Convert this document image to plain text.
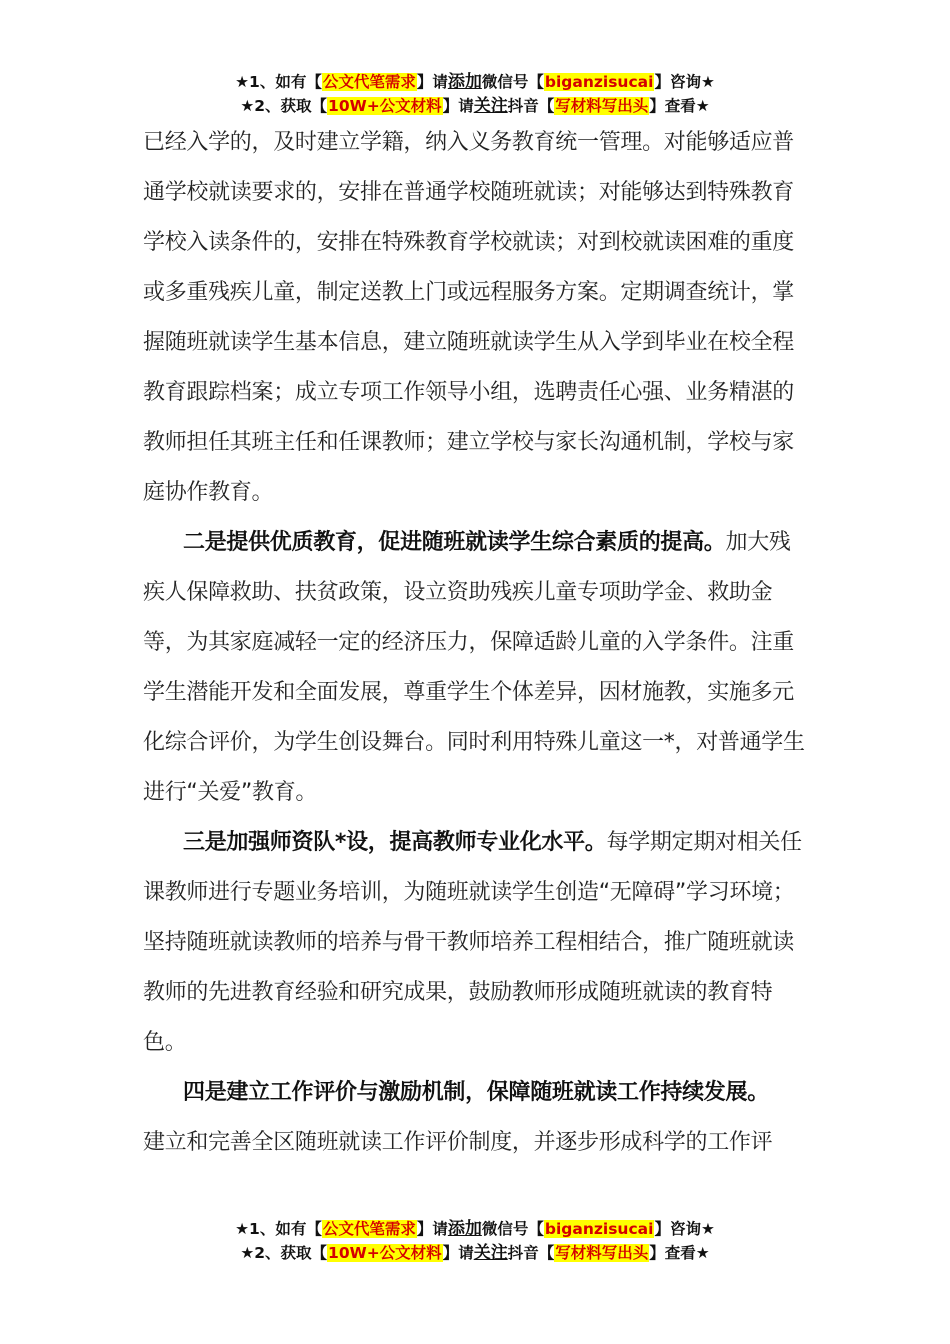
★1、如有【公文代笔需求】请添加微信号【biganzisucai】咨询★
★2、获取【10W+公文材料】请关注抖音【写材料写出头】查看★

已经入学的，及时建立学籍，纳入义务教育统一管理。对能够适应普通学校就读要求的，安排在普通学校随班就读；对能够达到特殊教育学校入读条件的，安排在特殊教育学校就读；对到校就读困难的重度或多重残疾儿童，制定送教上门或远程服务方案。定期调查统计，掌握随班就读学生基本信息，建立随班就读学生从入学到毕业在校全程教育跟踪档案；成立专项工作领导小组，选聘责任心强、业务精湛的教师担任其班主任和任课教师；建立学校与家长沟通机制，学校与家庭协作教育。

二是提供优质教育，促进随班就读学生综合素质的提高。加大残疾人保障救助、扶贫政策，设立资助残疾儿童专项助学金、救助金等，为其家庭减轻一定的经济压力，保障适龄儿童的入学条件。注重学生潜能开发和全面发展，尊重学生个体差异，因材施教，实施多元化综合评价，为学生创设舞台。同时利用特殊儿童这一*，对普通学生进行“关爱”教育。

三是加强师资队*设，提高教师专业化水平。每学期定期对相关任课教师进行专题业务培训，为随班就读学生创造“无障碍”学习环境；坚持随班就读教师的培养与骨干教师培养工程相结合，推广随班就读教师的先进教育经验和研究成果，鼓励教师形成随班就读的教育特色。

四是建立工作评价与激励机制，保障随班就读工作持续发展。

建立和完善全区随班就读工作评价制度，并逐步形成科学的工作评

★1、如有【公文代笔需求】请添加微信号【biganzisucai】咨询★
★2、获取【10W+公文材料】请关注抖音【写材料写出头】查看★
